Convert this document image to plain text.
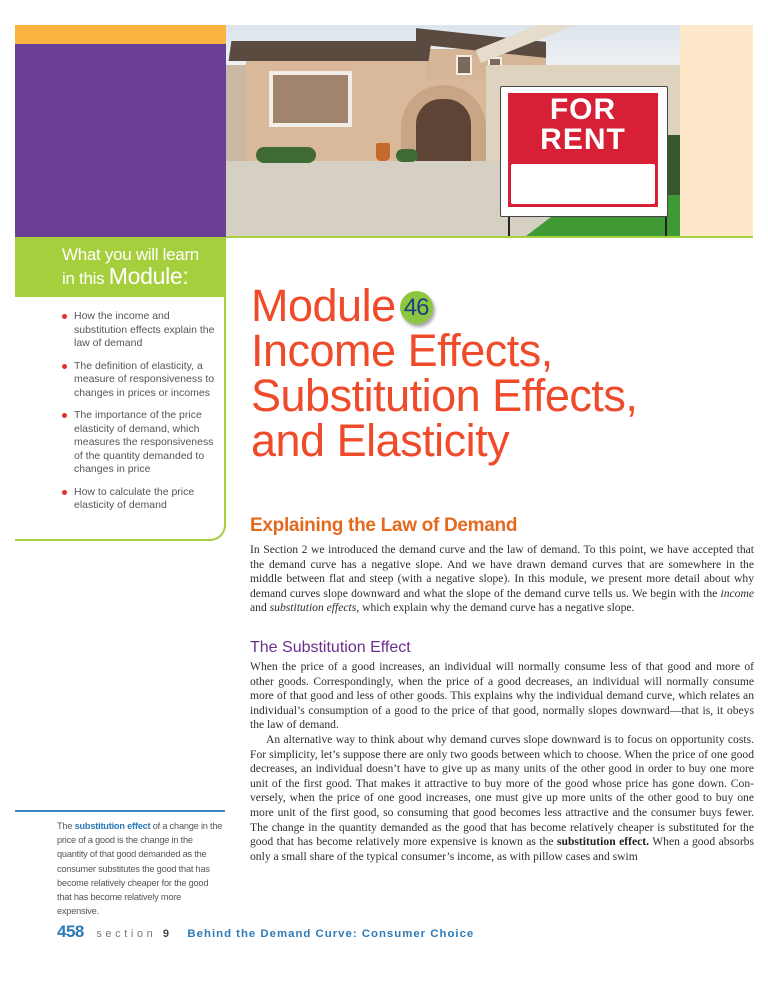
FOR
RENT
What you will learn
in this Module:
How the income and substitution effects explain the law of demand
The definition of elasticity, a measure of responsiveness to changes in prices or incomes
The importance of the price elasticity of demand, which measures the responsiveness of the quantity demanded to changes in price
How to calculate the price elasticity of demand
Module 46
Income Effects,
Substitution Effects,
and Elasticity
Explaining the Law of Demand

In Section 2 we introduced the demand curve and the law of demand. To this point, we have accepted that the demand curve has a negative slope. And we have drawn demand curves that are somewhere in the middle between flat and steep (with a negative slope). In this module, we present more detail about why demand curves slope downward and what the slope of the demand curve tells us. We begin with the income and substitution effects, which explain why the demand curve has a negative slope.

The Substitution Effect

When the price of a good increases, an individual will normally consume less of that good and more of other goods. Correspondingly, when the price of a good decreases, an individual will normally consume more of that good and less of other goods. This explains why the individual demand curve, which relates an individual’s consumption of a good to the price of that good, normally slopes downward—that is, it obeys the law of demand.

An alternative way to think about why demand curves slope downward is to focus on opportunity costs. For simplicity, let’s suppose there are only two goods between which to choose. When the price of one good decreases, an individual doesn’t have to give up as many units of the other good in order to buy one more unit of the first good. That makes it attractive to buy more of the good whose price has gone down. Conversely, when the price of one good increases, one must give up more units of the other good to buy one more unit of the first good, so consuming that good becomes less attractive and the consumer buys fewer. The change in the quantity demanded as the good that has become relatively cheaper is substituted for the good that has become relatively more expensive is known as the substitution effect. When a good absorbs only a small share of the typical consumer’s income, as with pillow cases and swim

The substitution effect of a change in the price of a good is the change in the quantity of that good demanded as the consumer substitutes the good that has become relatively cheaper for the good that has become relatively more expensive.
458 section 9 Behind the Demand Curve: Consumer Choice
